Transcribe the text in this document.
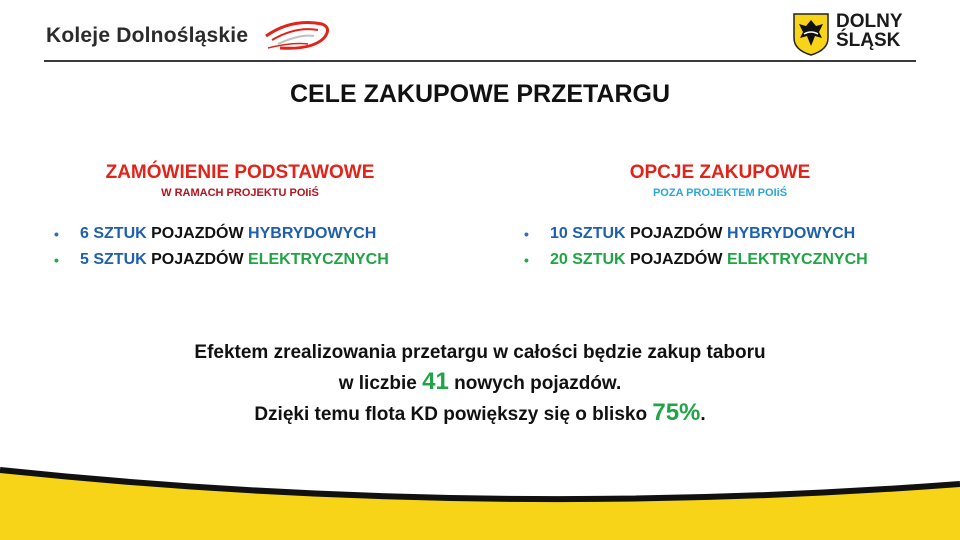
Koleje Dolnośląskie
DOLNY
ŚLĄSK
CELE ZAKUPOWE PRZETARGU
ZAMÓWIENIE PODSTAWOWE
W RAMACH PROJEKTU POIiŚ
• 6 SZTUK POJAZDÓW HYBRYDOWYCH
• 5 SZTUK POJAZDÓW ELEKTRYCZNYCH
OPCJE ZAKUPOWE
POZA PROJEKTEM POIiŚ
• 10 SZTUK POJAZDÓW HYBRYDOWYCH
• 20 SZTUK POJAZDÓW ELEKTRYCZNYCH
Efektem zrealizowania przetargu w całości będzie zakup taboru
w liczbie 41 nowych pojazdów.
Dzięki temu flota KD powiększy się o blisko 75%.
